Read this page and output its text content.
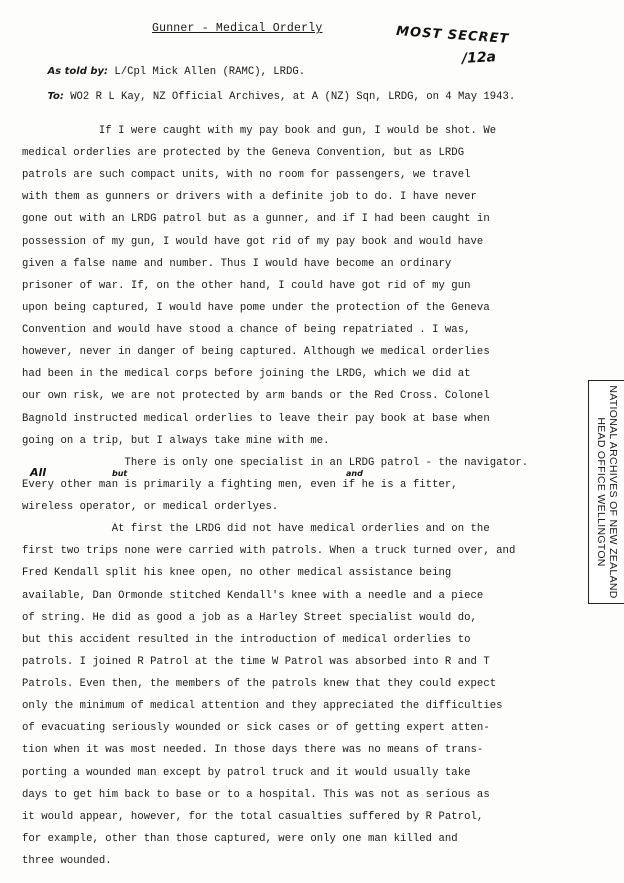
Gunner - Medical Orderly	MOST SECRET
/12a

As told by: L/Cpl Mick Allen (RAMC), LRDG.

To: WO2 R L Kay, NZ Official Archives, at A (NZ) Sqn, LRDG, on 4 May 1943.

If I were caught with my pay book and gun, I would be shot. We
medical orderlies are protected by the Geneva Convention, but as LRDG
patrols are such compact units, with no room for passengers, we travel
with them as gunners or drivers with a definite job to do. I have never
gone out with an LRDG patrol but as a gunner, and if I had been caught in
possession of my gun, I would have got rid of my pay book and would have
given a false name and number. Thus I would have become an ordinary
prisoner of war. If, on the other hand, I could have got rid of my gun
upon being captured, I would have pome under the protection of the Geneva
Convention and would have stood a chance of being repatriated . I was,
however, never in danger of being captured. Although we medical orderlies
had been in the medical corps before joining the LRDG, which we did at
our own risk, we are not protected by arm bands or the Red Cross. Colonel
Bagnold instructed medical orderlies to leave their pay book at base when
going on a trip, but I always take mine with me.
There is only one specialist in an LRDG patrol - the navigator.
All	but	and
Every other man is primarily a fighting men, even if he is a fitter,
wireless operator, or medical orderlyes.
At first the LRDG did not have medical orderlies and on the
first two trips none were carried with patrols. When a truck turned over, and
Fred Kendall split his knee open, no other medical assistance being
available, Dan Ormonde stitched Kendall's knee with a needle and a piece
of string. He did as good a job as a Harley Street specialist would do,
but this accident resulted in the introduction of medical orderlies to
patrols. I joined R Patrol at the time W Patrol was absorbed into R and T
Patrols. Even then, the members of the patrols knew that they could expect
only the minimum of medical attention and they appreciated the difficulties
of evacuating seriously wounded or sick cases or of getting expert atten-
tion when it was most needed. In those days there was no means of trans-
porting a wounded man except by patrol truck and it would usually take
days to get him back to base or to a hospital. This was not as serious as
it would appear, however, for the total casualties suffered by R Patrol,
for example, other than those captured, were only one man killed and
three wounded.
NATIONAL ARCHIVES OF NEW ZEALAND
HEAD OFFICE WELLINGTON
